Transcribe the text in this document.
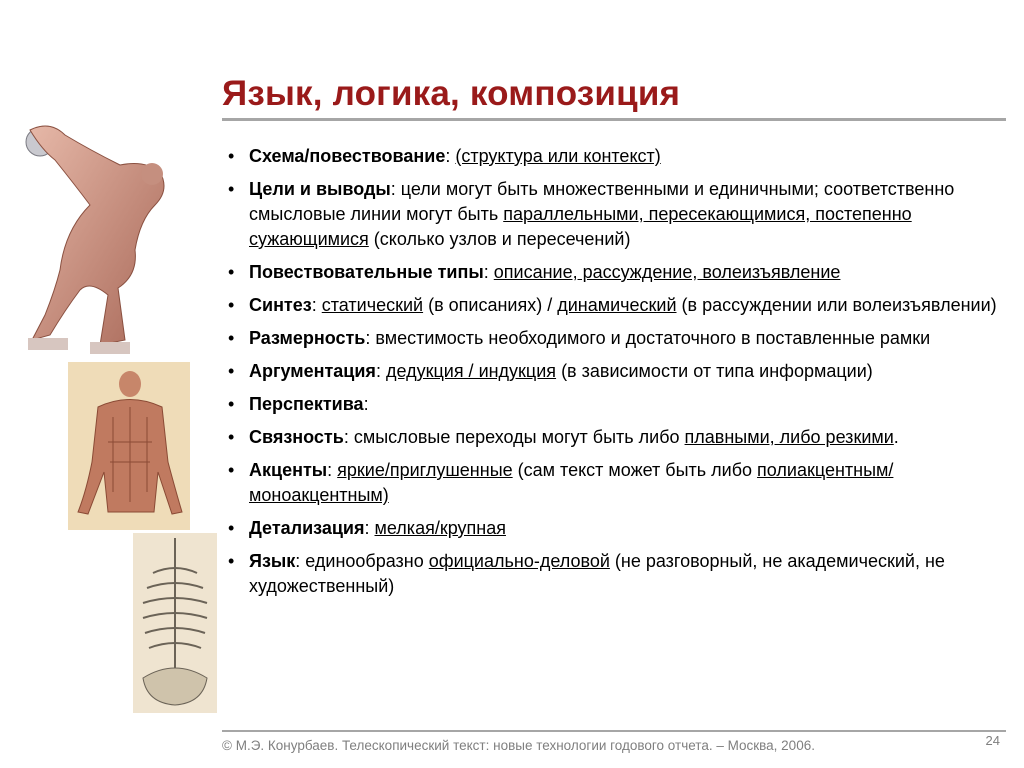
Язык, логика, композиция
• Схема/повествование: (структура или контекст)
• Цели и выводы: цели могут быть множественными и единичными; соответственно смысловые линии могут быть параллельными, пересекающимися, постепенно сужающимися (сколько узлов и пересечений)
• Повествовательные типы: описание, рассуждение, волеизъявление
• Синтез: статический (в описаниях) / динамический (в рассуждении или волеизъявлении)
• Размерность: вместимость необходимого и достаточного в поставленные рамки
• Аргументация: дедукция / индукция (в зависимости от типа информации)
• Перспектива:
• Связность: смысловые переходы могут быть либо плавными, либо резкими.
• Акценты: яркие/приглушенные (сам текст может быть либо полиакцентным/ моноакцентным)
• Детализация: мелкая/крупная
• Язык: единообразно официально-деловой (не разговорный, не академический, не художественный)
© М.Э. Конурбаев. Телескопический текст: новые технологии годового отчета. – Москва, 2006.	24
